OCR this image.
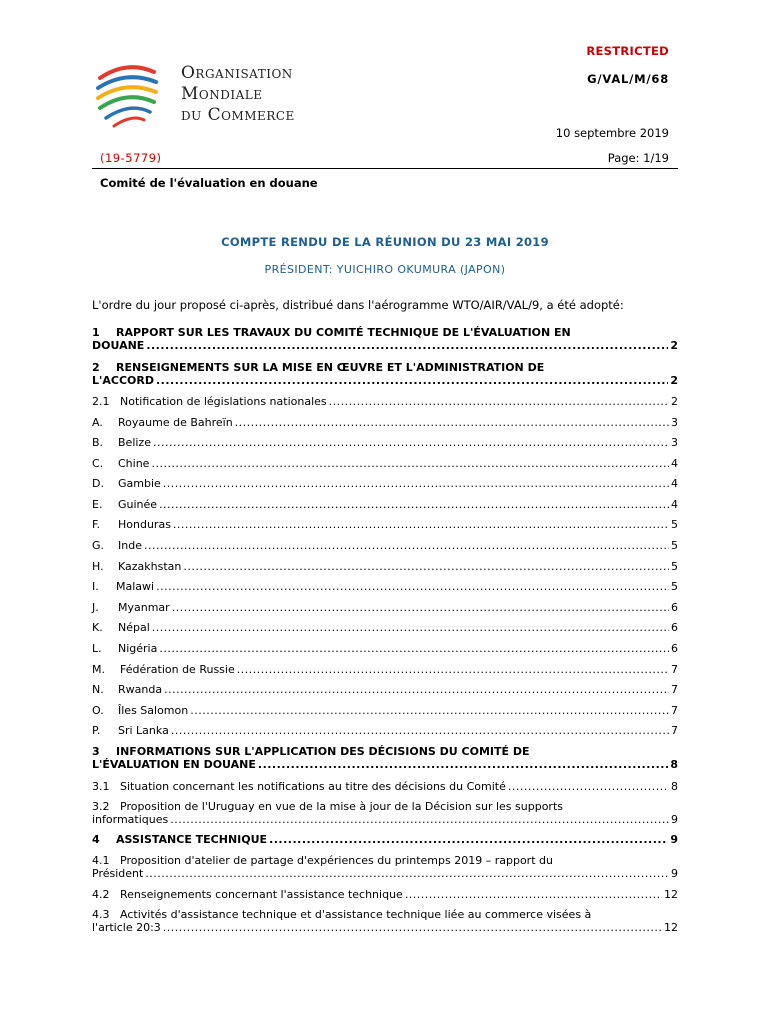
Organisation
Mondiale
du Commerce
RESTRICTED
G/VAL/M/68
10 septembre 2019
(19-5779)	Page: 1/19
Comité de l'évaluation en douane
COMPTE RENDU DE LA RÉUNION DU 23 MAI 2019
PRÉSIDENT: YUICHIRO OKUMURA (JAPON)
L'ordre du jour proposé ci-après, distribué dans l'aérogramme WTO/AIR/VAL/9, a été adopté:
1 RAPPORT SUR LES TRAVAUX DU COMITÉ TECHNIQUE DE L'ÉVALUATION EN
DOUANE .....	2
2 RENSEIGNEMENTS SUR LA MISE EN ŒUVRE ET L'ADMINISTRATION DE
L'ACCORD .....	2
2.1 Notification de législations nationales .....	2
A.	Royaume de Bahreïn .....	3
B.	Belize .....	3
C.	Chine .....	4
D.	Gambie .....	4
E.	Guinée .....	4
F.	Honduras .....	5
G.	Inde .....	5
H.	Kazakhstan .....	5
I.	Malawi .....	5
J.	Myanmar .....	6
K.	Népal .....	6
L.	Nigéria .....	6
M.	Fédération de Russie .....	7
N.	Rwanda .....	7
O.	Îles Salomon .....	7
P.	Sri Lanka .....	7
3 INFORMATIONS SUR L'APPLICATION DES DÉCISIONS DU COMITÉ DE
L'ÉVALUATION EN DOUANE .....	8
3.1 Situation concernant les notifications au titre des décisions du Comité .....	8
3.2 Proposition de l'Uruguay en vue de la mise à jour de la Décision sur les supports
informatiques .....	9
4	ASSISTANCE TECHNIQUE .....	9
4.1 Proposition d'atelier de partage d'expériences du printemps 2019 – rapport du
Président .....	9
4.2 Renseignements concernant l'assistance technique .....	12
4.3 Activités d'assistance technique et d'assistance technique liée au commerce visées à
l'article 20:3 .....	12
